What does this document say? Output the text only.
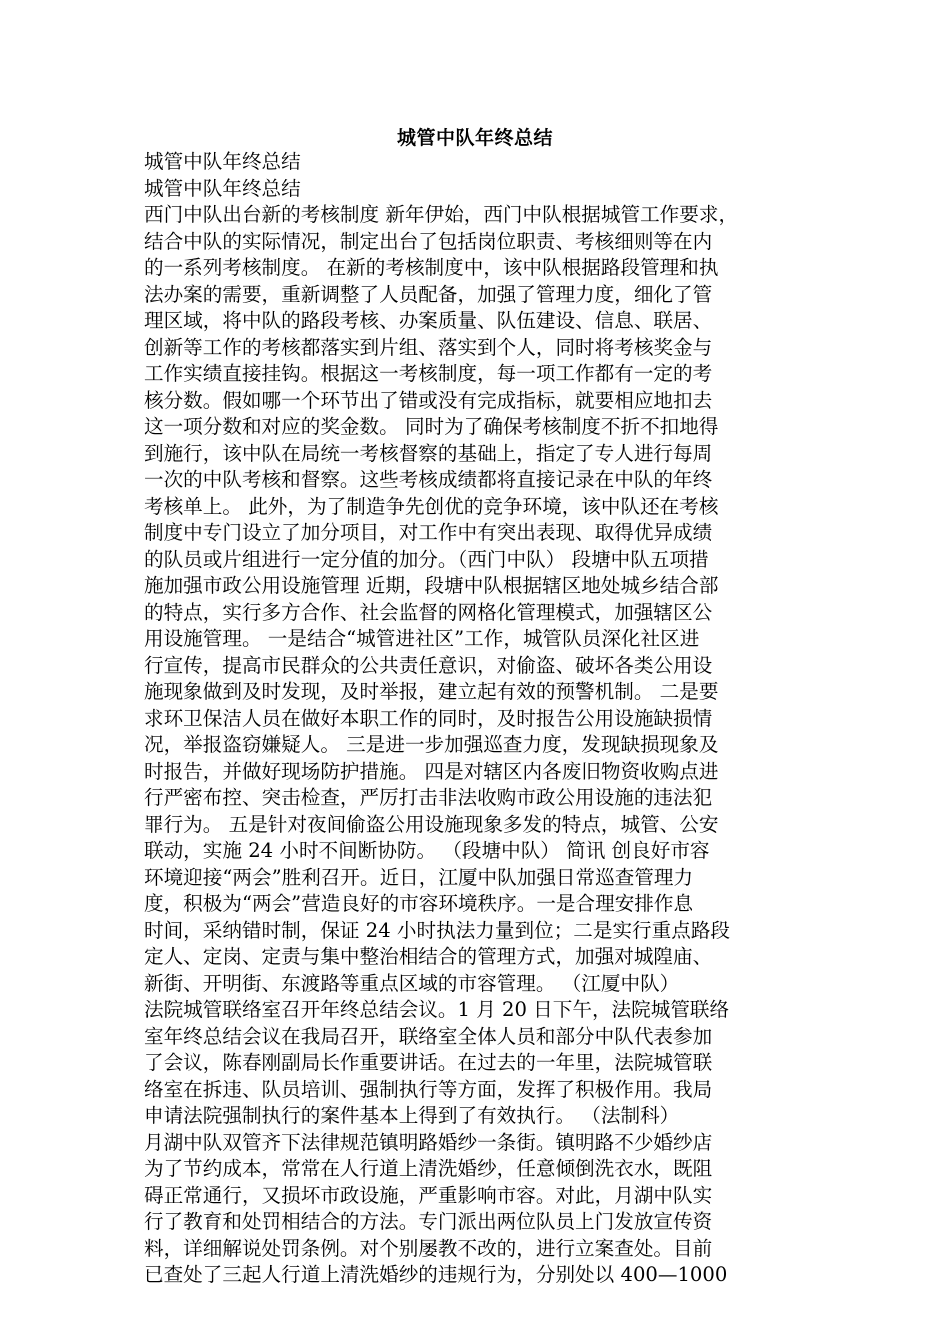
城管中队年终总结
城管中队年终总结
城管中队年终总结
西门中队出台新的考核制度 新年伊始，西门中队根据城管工作要求，
结合中队的实际情况，制定出台了包括岗位职责、考核细则等在内
的一系列考核制度。 在新的考核制度中，该中队根据路段管理和执
法办案的需要，重新调整了人员配备，加强了管理力度，细化了管
理区域，将中队的路段考核、办案质量、队伍建设、信息、联居、
创新等工作的考核都落实到片组、落实到个人，同时将考核奖金与
工作实绩直接挂钩。根据这一考核制度，每一项工作都有一定的考
核分数。假如哪一个环节出了错或没有完成指标，就要相应地扣去
这一项分数和对应的奖金数。 同时为了确保考核制度不折不扣地得
到施行，该中队在局统一考核督察的基础上，指定了专人进行每周
一次的中队考核和督察。这些考核成绩都将直接记录在中队的年终
考核单上。 此外，为了制造争先创优的竞争环境，该中队还在考核
制度中专门设立了加分项目，对工作中有突出表现、取得优异成绩
的队员或片组进行一定分值的加分。（西门中队） 段塘中队五项措
施加强市政公用设施管理 近期，段塘中队根据辖区地处城乡结合部
的特点，实行多方合作、社会监督的网格化管理模式，加强辖区公
用设施管理。 一是结合“城管进社区”工作，城管队员深化社区进
行宣传，提高市民群众的公共责任意识，对偷盗、破坏各类公用设
施现象做到及时发现，及时举报，建立起有效的预警机制。 二是要
求环卫保洁人员在做好本职工作的同时，及时报告公用设施缺损情
况，举报盗窃嫌疑人。 三是进一步加强巡查力度，发现缺损现象及
时报告，并做好现场防护措施。 四是对辖区内各废旧物资收购点进
行严密布控、突击检查，严厉打击非法收购市政公用设施的违法犯
罪行为。 五是针对夜间偷盗公用设施现象多发的特点，城管、公安
联动，实施 24 小时不间断协防。 （段塘中队） 简讯 创良好市容
环境迎接“两会”胜利召开。近日，江厦中队加强日常巡查管理力
度，积极为“两会”营造良好的市容环境秩序。一是合理安排作息
时间，采纳错时制，保证 24 小时执法力量到位；二是实行重点路段
定人、定岗、定责与集中整治相结合的管理方式，加强对城隍庙、
新街、开明街、东渡路等重点区域的市容管理。 （江厦中队）
法院城管联络室召开年终总结会议。1 月 20 日下午，法院城管联络
室年终总结会议在我局召开，联络室全体人员和部分中队代表参加
了会议，陈春刚副局长作重要讲话。在过去的一年里，法院城管联
络室在拆违、队员培训、强制执行等方面，发挥了积极作用。我局
申请法院强制执行的案件基本上得到了有效执行。 （法制科）
月湖中队双管齐下法律规范镇明路婚纱一条街。镇明路不少婚纱店
为了节约成本，常常在人行道上清洗婚纱，任意倾倒洗衣水，既阻
碍正常通行，又损坏市政设施，严重影响市容。对此，月湖中队实
行了教育和处罚相结合的方法。专门派出两位队员上门发放宣传资
料，详细解说处罚条例。对个别屡教不改的，进行立案查处。目前
已查处了三起人行道上清洗婚纱的违规行为，分别处以 400—1000
